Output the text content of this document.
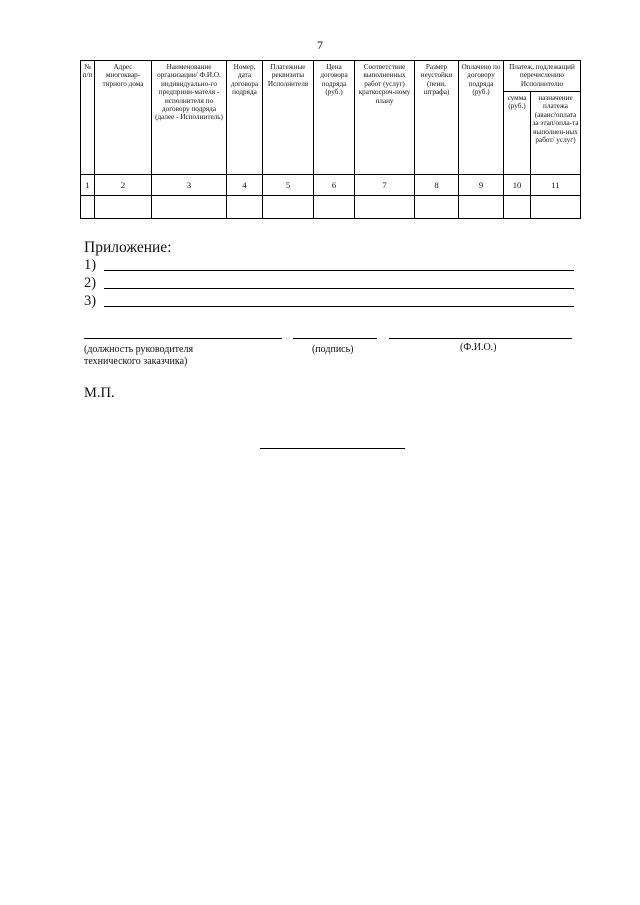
7
№ п/п	Адрес многоквар-тирного дома	Наименование организации/ Ф.И.О. индивидуально-го предприни-мателя - исполнителя по договору подряда (далее - Исполнитель)	Номер, дата договора подряда	Платежные реквизиты Исполнителя	Цена договора подряда (руб.)	Соответствие выполненных работ (услуг) краткосроч-ному плану	Размер неустойки (пени, штрафа)	Оплачено по договору подряда (руб.)	Платеж, подлежащий перечислению Исполнителю	
									сумма (руб.)	назначение платежа (аванс/оплата за этап/опла-та выполнен-ных работ/ услуг)
1	2	3	4	5	6	7	8	9	10	11

Приложение:
1)
2)
3)
(должность руководителя
технического заказчика)
(подпись)	(Ф.И.О.)
М.П.
